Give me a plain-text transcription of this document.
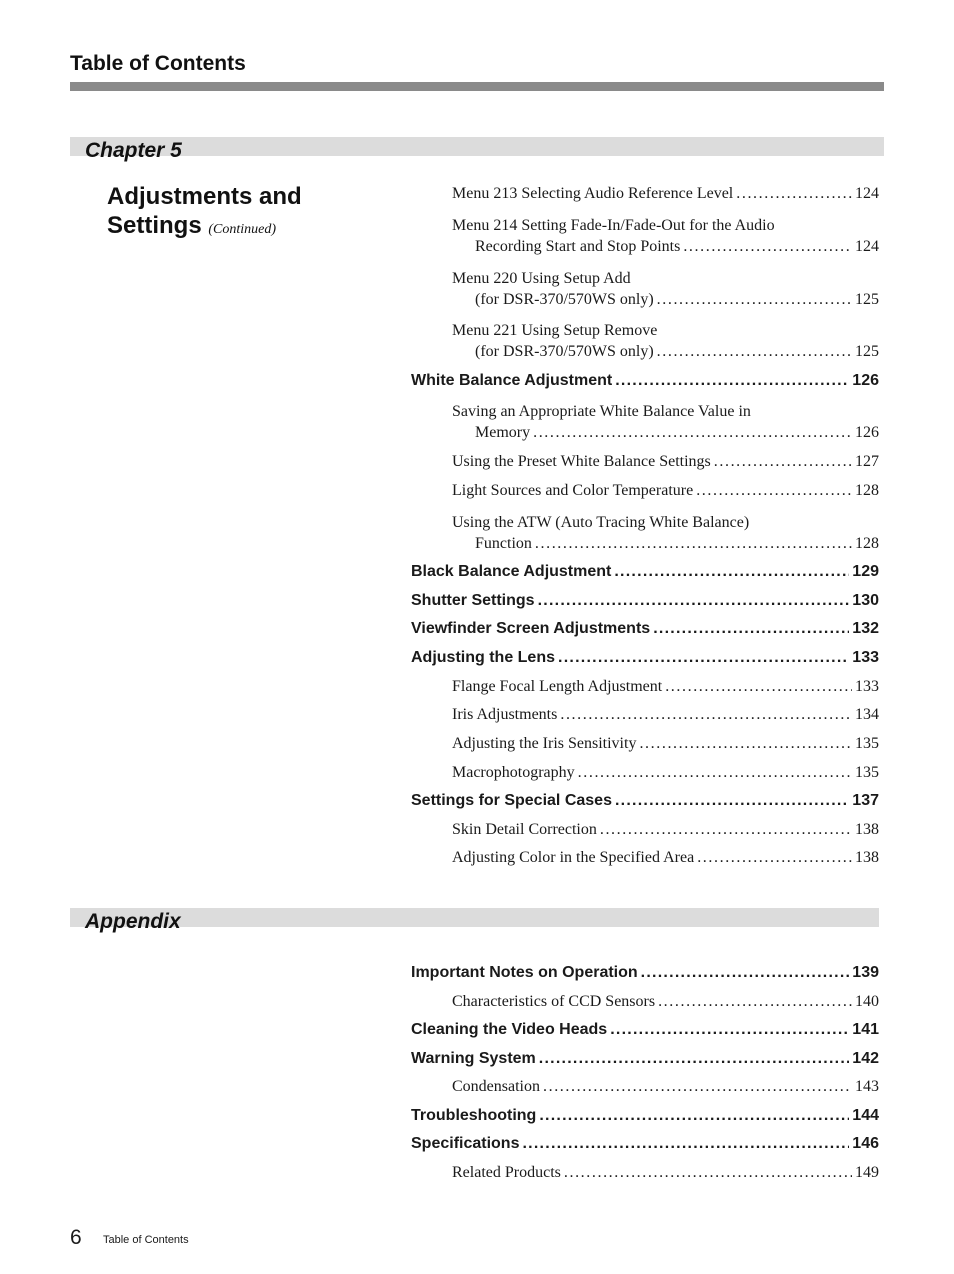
Table of Contents
Chapter 5
Adjustments and
Settings (Continued)
Menu 213 Selecting Audio Reference Level . . .	124
Menu 214 Setting Fade-In/Fade-Out for the Audio
Recording Start and Stop Points . . .	124
Menu 220 Using Setup Add
(for DSR-370/570WS only) . . .	125
Menu 221 Using Setup Remove
(for DSR-370/570WS only) . . .	125
White Balance Adjustment . . .	126
Saving an Appropriate White Balance Value in
Memory . . .	126
Using the Preset White Balance Settings . . .	127
Light Sources and Color Temperature . . .	128
Using the ATW (Auto Tracing White Balance)
Function . . .	128
Black Balance Adjustment . . .	129
Shutter Settings . . .	130
Viewfinder Screen Adjustments . . .	132
Adjusting the Lens . . .	133
Flange Focal Length Adjustment . . .	133
Iris Adjustments . . .	134
Adjusting the Iris Sensitivity . . .	135
Macrophotography . . .	135
Settings for Special Cases . . .	137
Skin Detail Correction . . .	138
Adjusting Color in the Specified Area . . .	138
Appendix
Important Notes on Operation . . .	139
Characteristics of CCD Sensors . . .	140
Cleaning the Video Heads . . .	141
Warning System . . .	142
Condensation . . .	143
Troubleshooting . . .	144
Specifications . . .	146
Related Products . . .	149
6 Table of Contents
